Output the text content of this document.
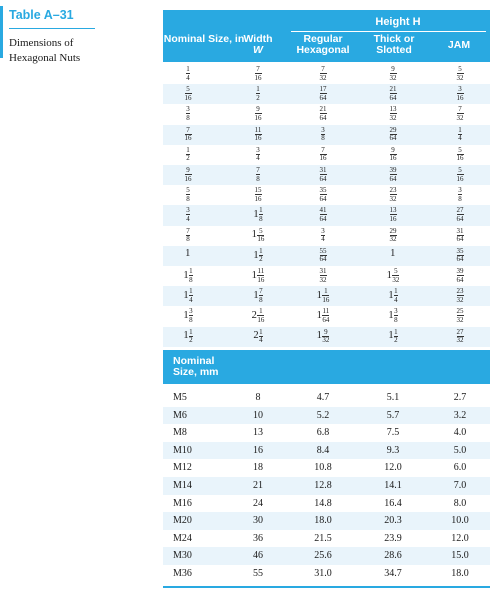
Table A–31
Dimensions of Hexagonal Nuts
Nominal Size, in Width
W
Height H
Regular Hexagonal
Thick or Slotted	JAM
$\frac{1}{4}$	$\frac{7}{16}$	$\frac{7}{32}$	$\frac{9}{32}$	$\frac{5}{32}$
$\frac{5}{16}$	$\frac{1}{2}$	$\frac{17}{64}$	$\frac{21}{64}$	$\frac{3}{16}$
$\frac{3}{8}$	$\frac{9}{16}$	$\frac{21}{64}$	$\frac{13}{32}$	$\frac{7}{32}$
$\frac{7}{16}$	$\frac{11}{16}$	$\frac{3}{8}$	$\frac{29}{64}$	$\frac{1}{4}$
$\frac{1}{2}$	$\frac{3}{4}$	$\frac{7}{16}$	$\frac{9}{16}$	$\frac{5}{16}$
$\frac{9}{16}$	$\frac{7}{8}$	$\frac{31}{64}$	$\frac{39}{64}$	$\frac{5}{16}$
$\frac{5}{8}$	$\frac{15}{16}$	$\frac{35}{64}$	$\frac{23}{32}$	$\frac{3}{8}$
$\frac{3}{4}$	$1 \frac{1}{8}$	$\frac{41}{64}$	$\frac{13}{16}$	$\frac{27}{64}$
$\frac{7}{8}$	$1 \frac{5}{16}$	$\frac{3}{4}$	$\frac{29}{32}$	$\frac{31}{64}$
1	$1 \frac{1}{2}$	$\frac{55}{64}$	1	$\frac{35}{64}$
$1 \frac{1}{8}$	$1 \frac{11}{16}$	$\frac{31}{32}$	$1 \frac{5}{32}$	$\frac{39}{64}$
$1 \frac{1}{4}$	$1 \frac{7}{8}$	$1 \frac{1}{16}$	$1 \frac{1}{4}$	$\frac{23}{32}$
$1 \frac{3}{8}$	$2 \frac{1}{16}$	$1 \frac{11}{64}$	$1 \frac{3}{8}$	$\frac{25}{32}$
$1 \frac{1}{2}$	$2 \frac{1}{4}$	$1 \frac{9}{32}$	$1 \frac{1}{2}$	$\frac{27}{32}$
Nominal Size, mm
M5	8	4.7	5.1	2.7
M6	10	5.2	5.7	3.2
M8	13	6.8	7.5	4.0
M10	16	8.4	9.3	5.0
M12	18	10.8	12.0	6.0
M14	21	12.8	14.1	7.0
M16	24	14.8	16.4	8.0
M20	30	18.0	20.3	10.0
M24	36	21.5	23.9	12.0
M30	46	25.6	28.6	15.0
M36	55	31.0	34.7	18.0
